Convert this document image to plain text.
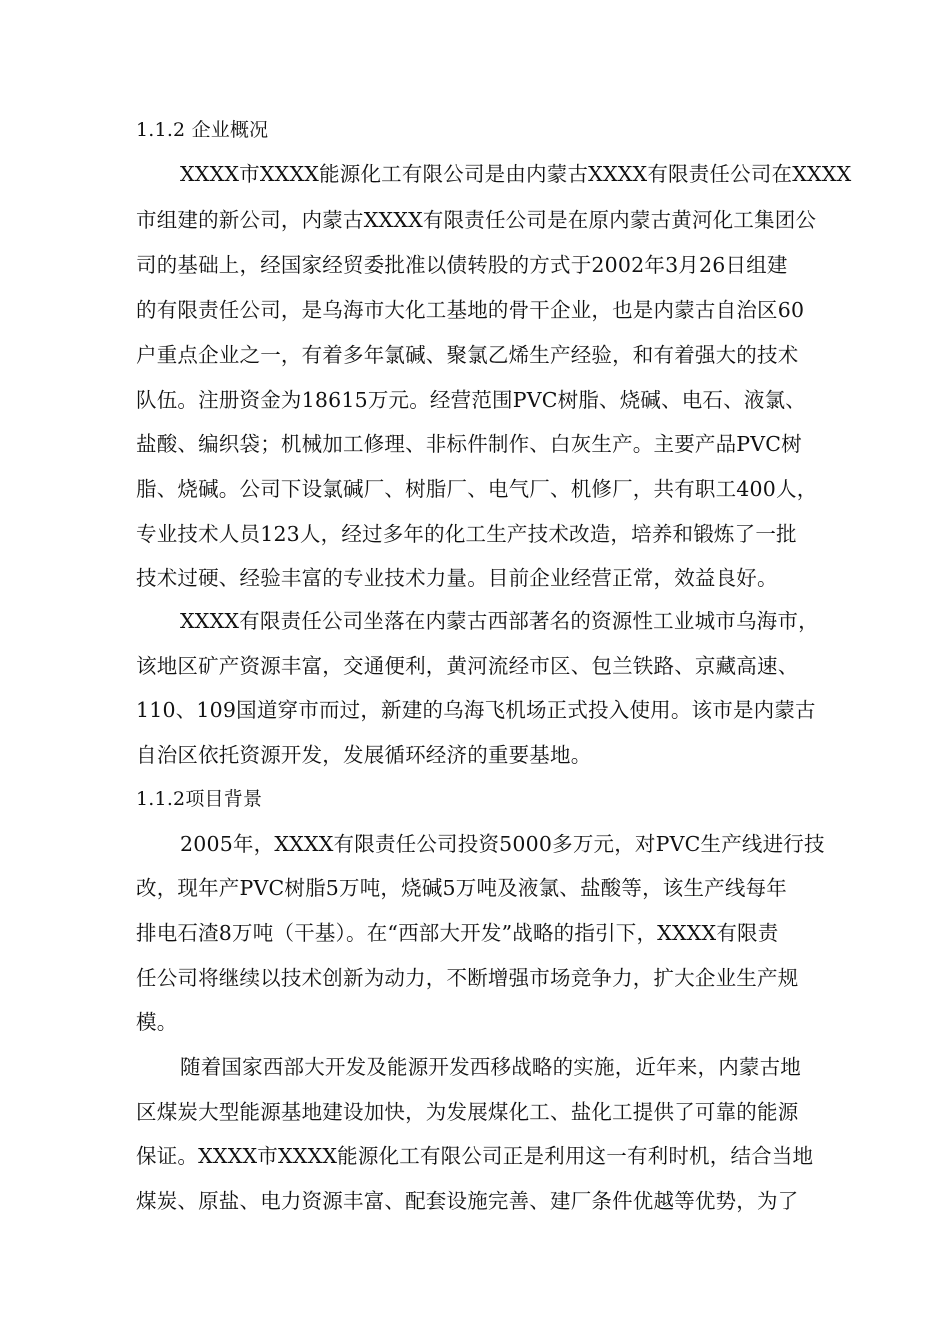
1.1.2 企业概况
XXXX市XXXX能源化工有限公司是由内蒙古XXXX有限责任公司在XXXX
市组建的新公司，内蒙古XXXX有限责任公司是在原内蒙古黄河化工集团公
司的基础上，经国家经贸委批准以债转股的方式于2002年3月26日组建
的有限责任公司，是乌海市大化工基地的骨干企业，也是内蒙古自治区60
户重点企业之一，有着多年氯碱、聚氯乙烯生产经验，和有着强大的技术
队伍。注册资金为18615万元。经营范围PVC树脂、烧碱、电石、液氯、
盐酸、编织袋；机械加工修理、非标件制作、白灰生产。主要产品PVC树
脂、烧碱。公司下设氯碱厂、树脂厂、电气厂、机修厂，共有职工400人，
专业技术人员123人，经过多年的化工生产技术改造，培养和锻炼了一批
技术过硬、经验丰富的专业技术力量。目前企业经营正常，效益良好。
XXXX有限责任公司坐落在内蒙古西部著名的资源性工业城市乌海市，
该地区矿产资源丰富，交通便利，黄河流经市区、包兰铁路、京藏高速、
110、109国道穿市而过，新建的乌海飞机场正式投入使用。该市是内蒙古
自治区依托资源开发，发展循环经济的重要基地。
1.1.2项目背景
2005年，XXXX有限责任公司投资5000多万元，对PVC生产线进行技
改，现年产PVC树脂5万吨，烧碱5万吨及液氯、盐酸等，该生产线每年
排电石渣8万吨（干基）。在“西部大开发”战略的指引下，XXXX有限责
任公司将继续以技术创新为动力，不断增强市场竞争力，扩大企业生产规
模。
随着国家西部大开发及能源开发西移战略的实施，近年来，内蒙古地
区煤炭大型能源基地建设加快，为发展煤化工、盐化工提供了可靠的能源
保证。XXXX市XXXX能源化工有限公司正是利用这一有利时机，结合当地
煤炭、原盐、电力资源丰富、配套设施完善、建厂条件优越等优势，为了
